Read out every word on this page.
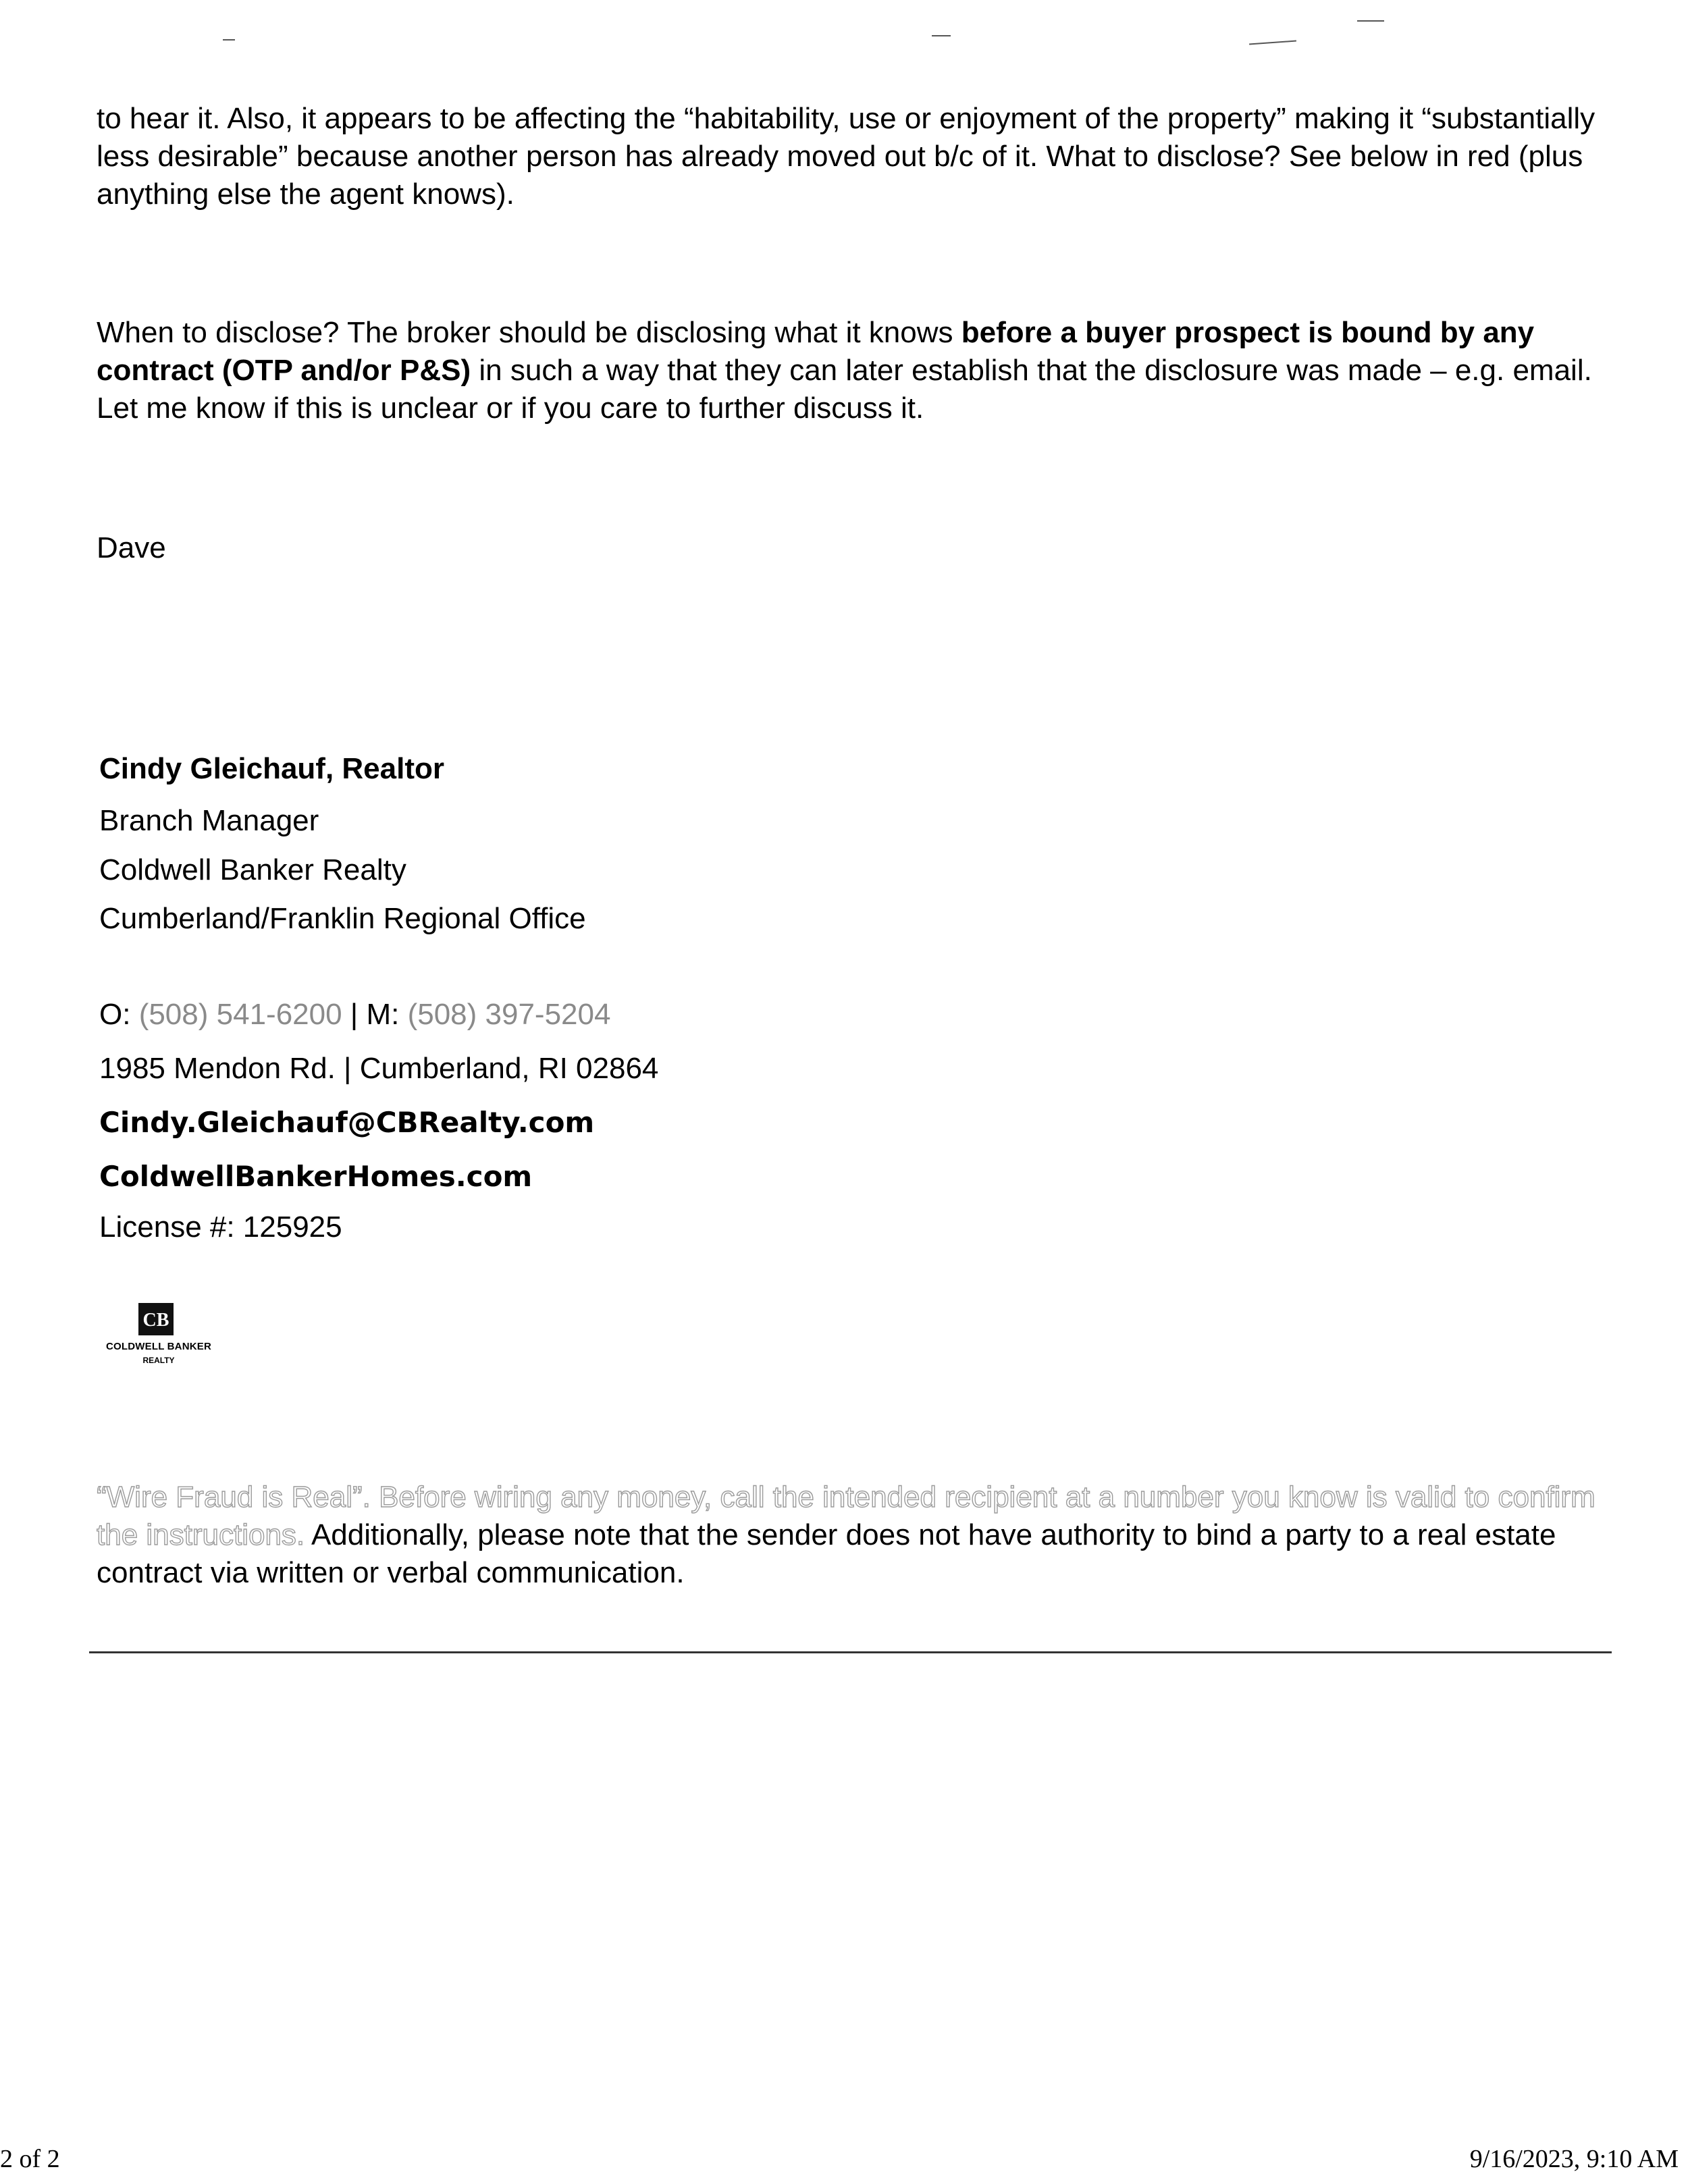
to hear it. Also, it appears to be affecting the “habitability, use or enjoyment of the property” making it “substantially less desirable” because another person has already moved out b/c of it. What to disclose? See below in red (plus anything else the agent knows).

When to disclose? The broker should be disclosing what it knows before a buyer prospect is bound by any contract (OTP and/or P&S) in such a way that they can later establish that the disclosure was made – e.g. email. Let me know if this is unclear or if you care to further discuss it.

Dave

Cindy Gleichauf, Realtor

Branch Manager

Coldwell Banker Realty

Cumberland/Franklin Regional Office

O: (508) 541-6200 | M: (508) 397-5204

1985 Mendon Rd. | Cumberland, RI 02864

Cindy.Gleichauf@CBRealty.com

ColdwellBankerHomes.com

License #: 125925

CB
COLDWELL BANKER
REALTY

“Wire Fraud is Real”. Before wiring any money, call the intended recipient at a number you know is valid to confirm the instructions. Additionally, please note that the sender does not have authority to bind a party to a real estate contract via written or verbal communication.

2 of 2	9/16/2023, 9:10 AM
